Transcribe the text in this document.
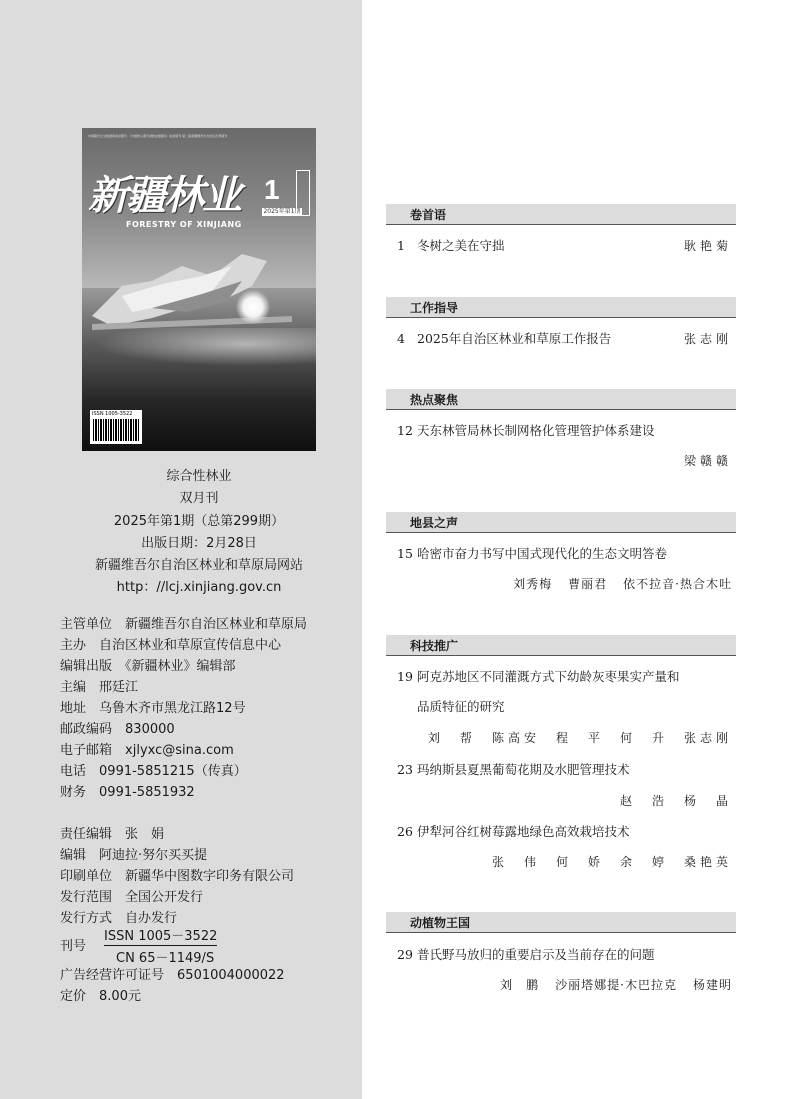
中国期刊全文数据库收录期刊 《中国核心期刊(遴选)数据库》收录期刊 第二届新疆维吾尔自治区优秀期刊
新疆林业
FORESTRY OF XINJIANG
1
2025年第1期
ISSN 1005-3522
综合性林业
双月刊
2025年第1期（总第299期）
出版日期：2月28日
新疆维吾尔自治区林业和草原局网站
http：//lcj.xinjiang.gov.cn
主管单位　 新疆维吾尔自治区林业和草原局
主办　 自治区林业和草原宣传信息中心
编辑出版　 《新疆林业》编辑部
主编　 邢廷江
地址　 乌鲁木齐市黑龙江路12号
邮政编码　 830000
电子邮箱　 xjlyxc@sina.com
电话　 0991-5851215（传真）
财务　 0991-5851932
责任编辑　 张　娟
编辑　 阿迪拉·努尔买买提
印刷单位　 新疆华中图数字印务有限公司
发行范围　 全国公开发行
发行方式　 自办发行
刊号
ISSN 1005－3522
CN 65－1149/S
广告经营许可证号　 6501004000022
定价　 8.00元
卷首语
1 冬树之美在守拙	耿艳菊
工作指导
4 2025年自治区林业和草原工作报告	张志刚
热点聚焦
12 天东林管局林长制网格化管理管护体系建设
梁赣赣
地县之声
15 哈密市奋力书写中国式现代化的生态文明答卷
刘秀梅 曹丽君 依不拉音·热合木吐
科技推广
19 阿克苏地区不同灌溉方式下幼龄灰枣果实产量和
品质特征的研究
刘　帮 陈高安 程　平 何　升 张志刚
23 玛纳斯县夏黑葡萄花期及水肥管理技术
赵　浩 杨　晶
26 伊犁河谷红树莓露地绿色高效栽培技术
张　伟 何　娇 余　婷 桑艳英
动植物王国
29 普氏野马放归的重要启示及当前存在的问题
刘　鹏 沙丽塔娜提·木巴拉克 杨建明
